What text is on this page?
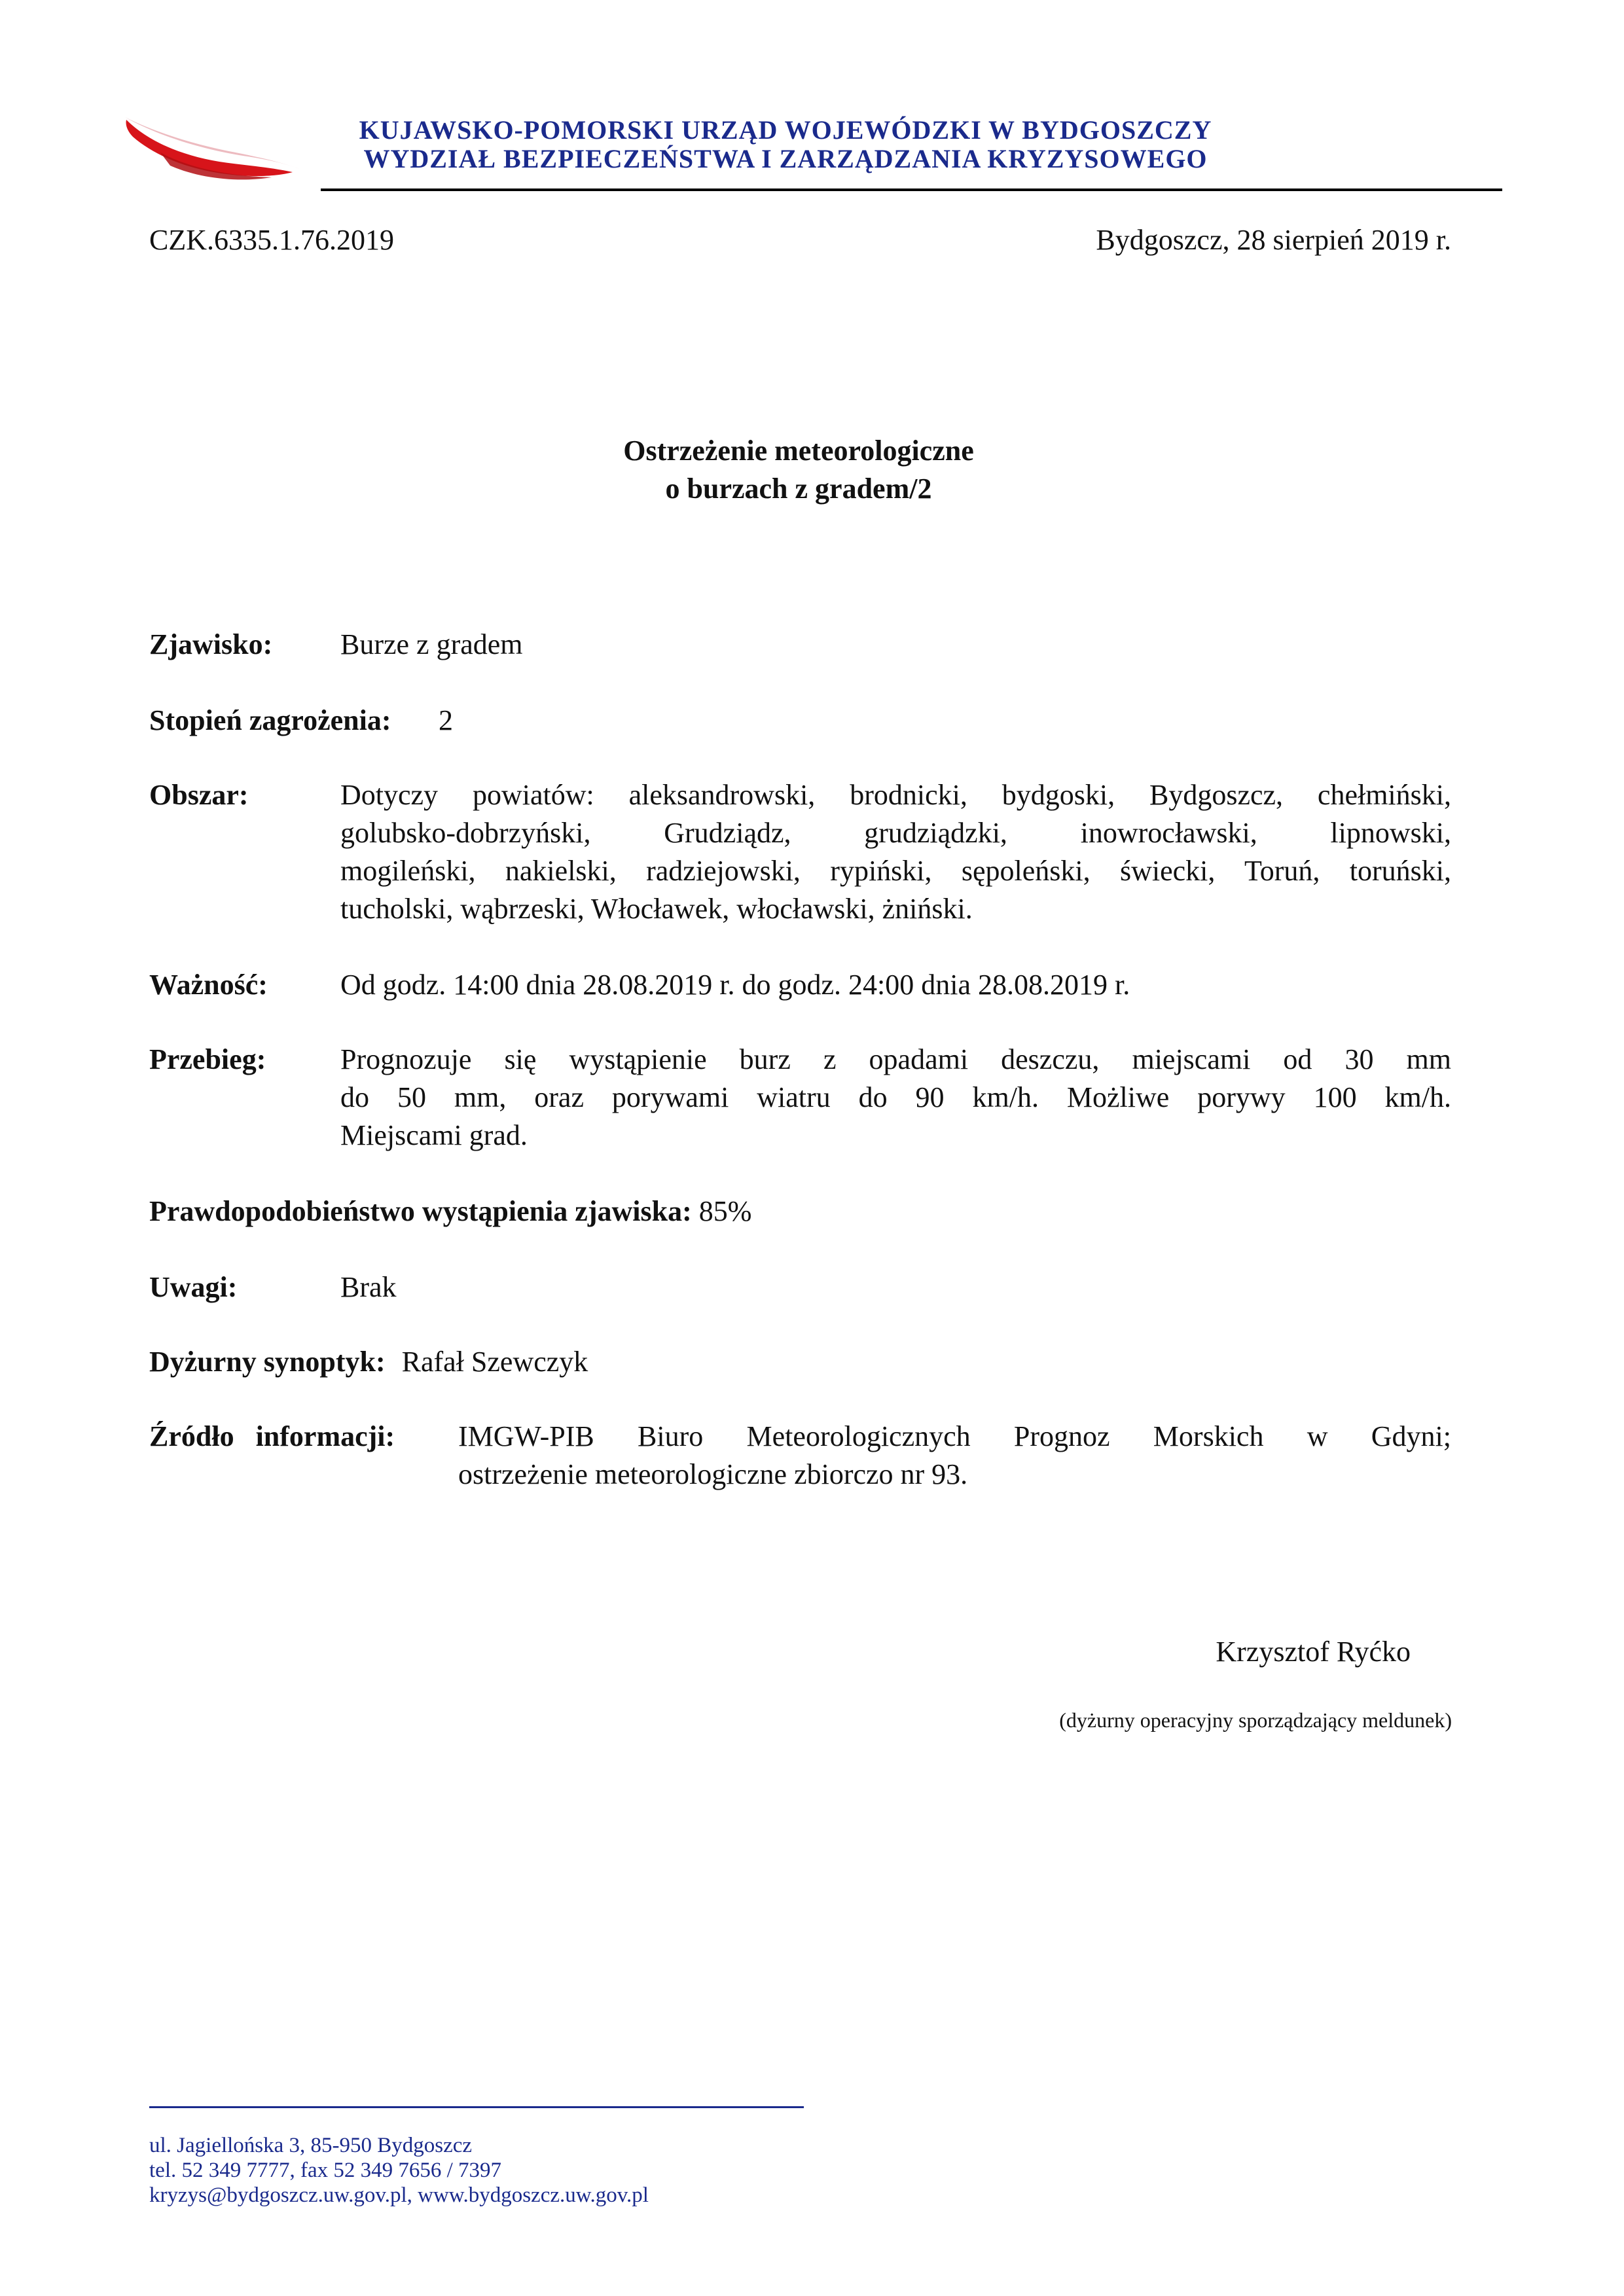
KUJAWSKO-POMORSKI URZĄD WOJEWÓDZKI W BYDGOSZCZY
WYDZIAŁ BEZPIECZEŃSTWA I ZARZĄDZANIA KRYZYSOWEGO

CZK.6335.1.76.2019	Bydgoszcz, 28 sierpień 2019 r.

Ostrzeżenie meteorologiczne

o burzach z gradem/2

Zjawisko: Burze z gradem

Stopień zagrożenia: 2

Obszar:	Dotyczy powiatów: aleksandrowski, brodnicki, bydgoski, Bydgoszcz, chełmiński,

golubsko-dobrzyński, Grudziądz, grudziądzki, inowrocławski, lipnowski,

mogileński, nakielski, radziejowski, rypiński, sępoleński, świecki, Toruń, toruński,

tucholski, wąbrzeski, Włocławek, włocławski, żniński.

Ważność:	Od godz. 14:00 dnia 28.08.2019 r. do godz. 24:00 dnia 28.08.2019 r.

Przebieg:	Prognozuje się wystąpienie burz z opadami deszczu, miejscami od 30 mm

do 50 mm, oraz porywami wiatru do 90 km/h. Możliwe porywy 100 km/h.

Miejscami grad.

Prawdopodobieństwo wystąpienia zjawiska: 85%

Uwagi:	Brak

Dyżurny synoptyk: Rafał Szewczyk

Źródło informacji: IMGW-PIB Biuro Meteorologicznych Prognoz Morskich w Gdyni;

ostrzeżenie meteorologiczne zbiorczo nr 93.

Krzysztof Ryćko

(dyżurny operacyjny sporządzający meldunek)
ul. Jagiellońska 3, 85-950 Bydgoszcz
tel. 52 349 7777, fax 52 349 7656 / 7397
kryzys@bydgoszcz.uw.gov.pl, www.bydgoszcz.uw.gov.pl
